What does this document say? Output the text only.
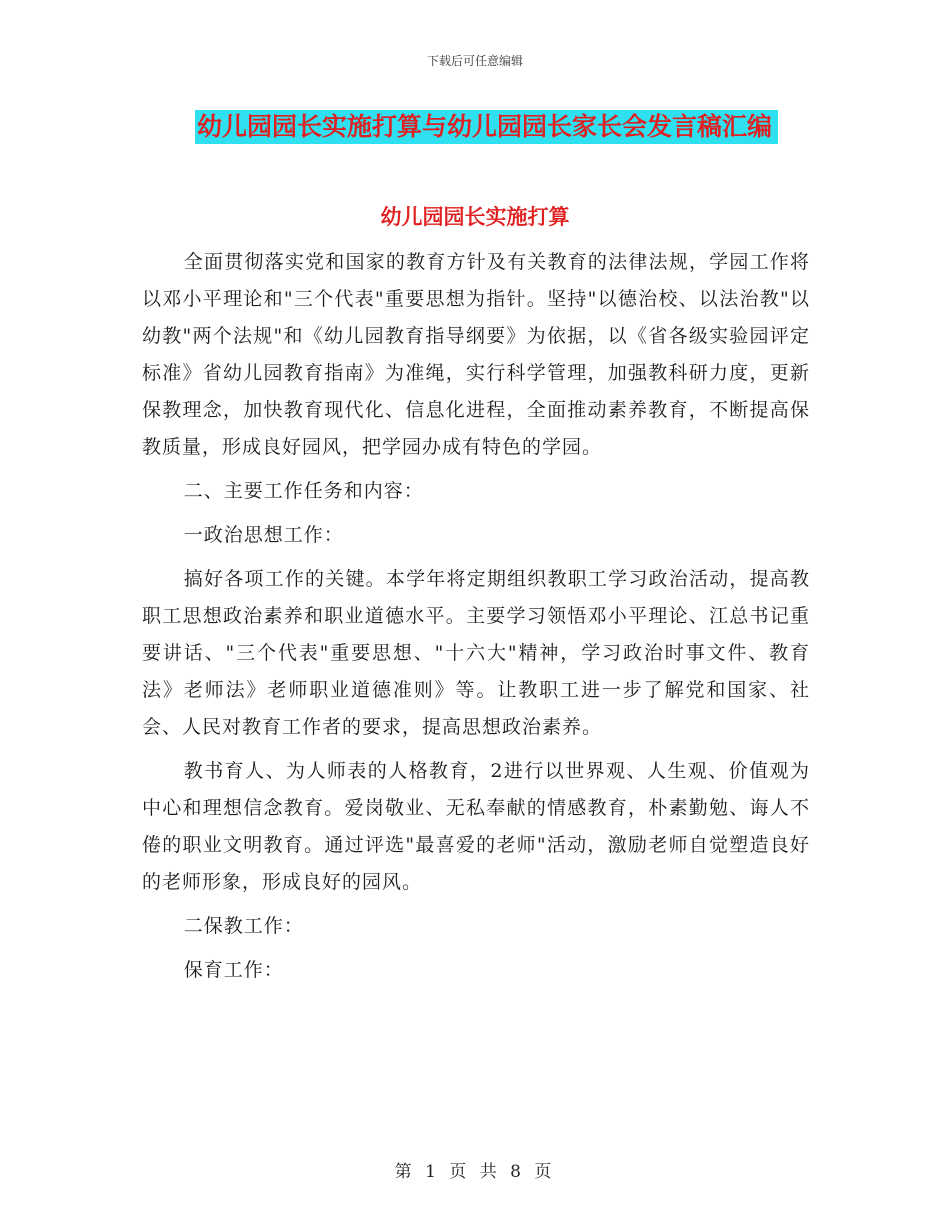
下载后可任意编辑
幼儿园园长实施打算与幼儿园园长家长会发言稿汇编
幼儿园园长实施打算

全面贯彻落实党和国家的教育方针及有关教育的法律法规，学园工作将以邓小平理论和"三个代表"重要思想为指针。坚持"以德治校、以法治教"以幼教"两个法规"和《幼儿园教育指导纲要》为依据，以《省各级实验园评定标准》省幼儿园教育指南》为准绳，实行科学管理，加强教科研力度，更新保教理念，加快教育现代化、信息化进程，全面推动素养教育，不断提高保教质量，形成良好园风，把学园办成有特色的学园。

二、主要工作任务和内容：

一政治思想工作：

搞好各项工作的关键。本学年将定期组织教职工学习政治活动，提高教职工思想政治素养和职业道德水平。主要学习领悟邓小平理论、江总书记重要讲话、"三个代表"重要思想、"十六大"精神，学习政治时事文件、教育法》老师法》老师职业道德准则》等。让教职工进一步了解党和国家、社会、人民对教育工作者的要求，提高思想政治素养。

教书育人、为人师表的人格教育，2进行以世界观、人生观、价值观为中心和理想信念教育。爱岗敬业、无私奉献的情感教育，朴素勤勉、诲人不倦的职业文明教育。通过评选"最喜爱的老师"活动，激励老师自觉塑造良好的老师形象，形成良好的园风。

二保教工作：

保育工作：

第 1 页 共 8 页
